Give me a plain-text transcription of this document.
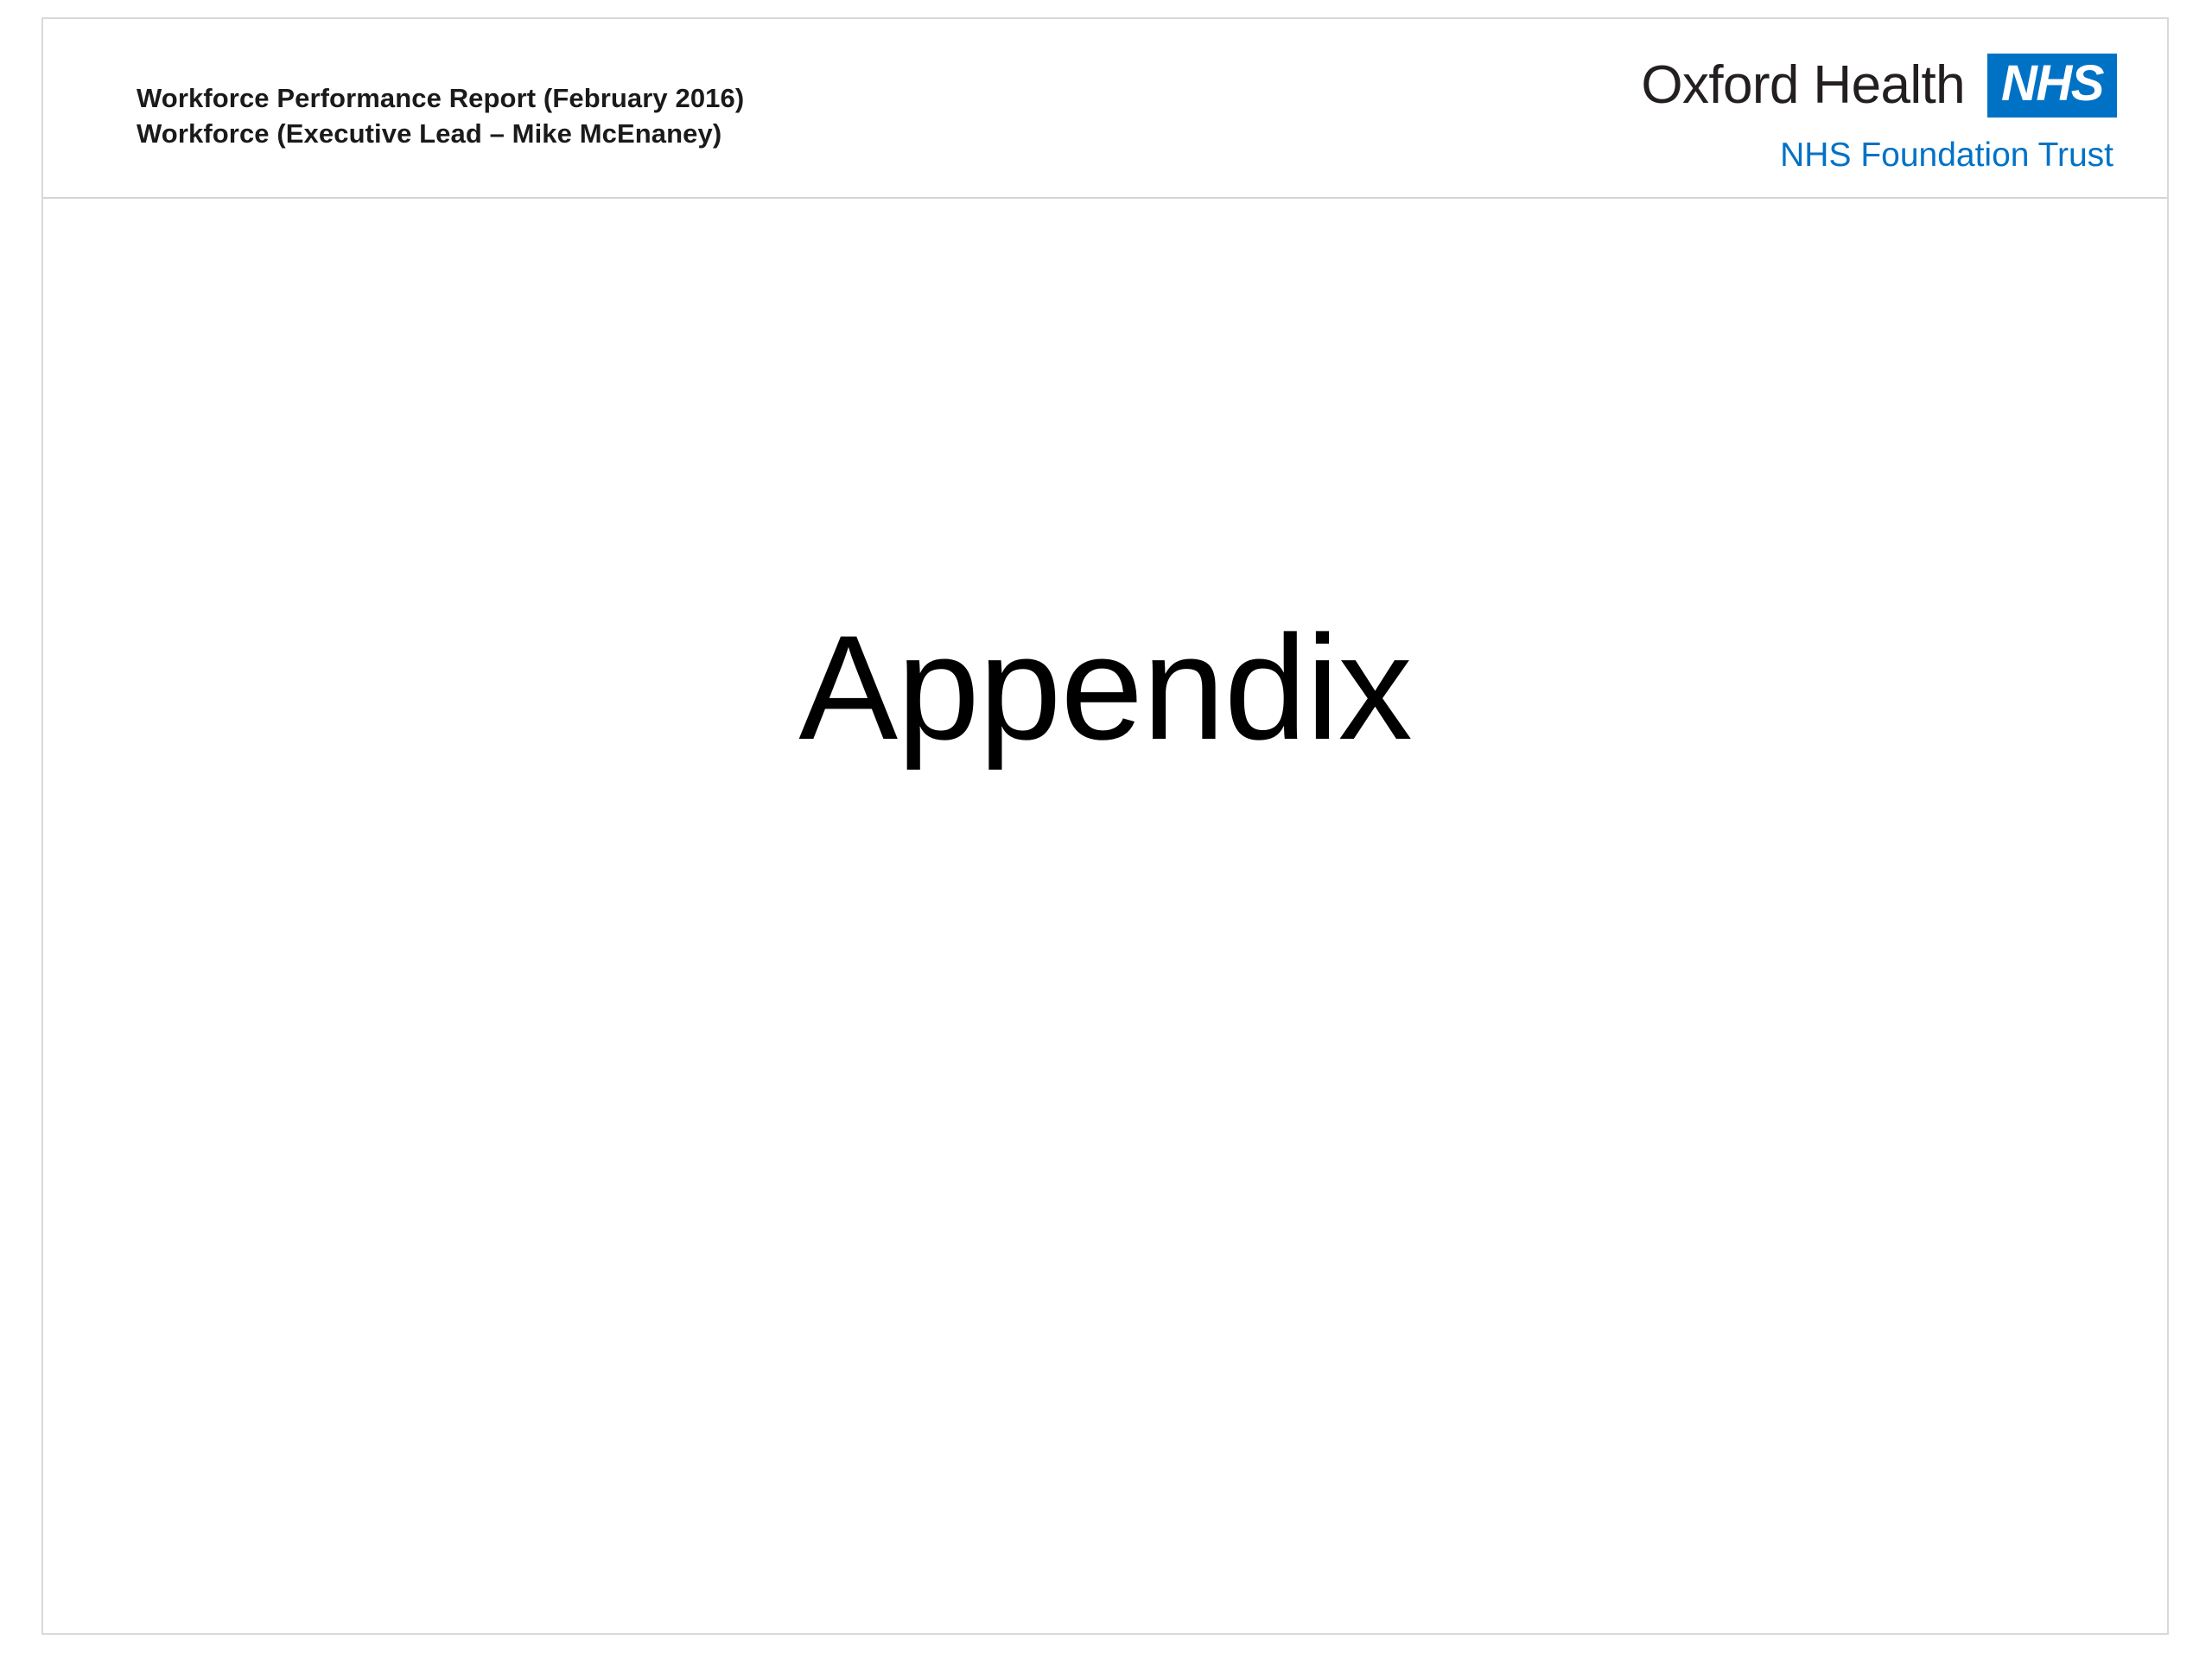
Workforce Performance Report (February 2016)
Workforce (Executive Lead – Mike McEnaney)
Oxford Health NHS
NHS Foundation Trust
Appendix
